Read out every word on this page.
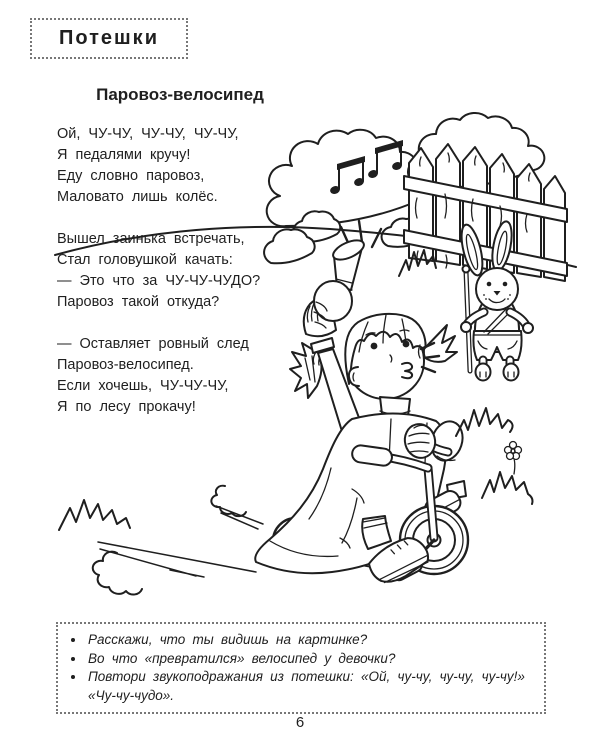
Потешки
Паровоз-велосипед

Ой, ЧУ-ЧУ, ЧУ-ЧУ, ЧУ-ЧУ,

Я педалями кручу!

Еду словно паровоз,

Маловато лишь колёс.

Вышел заинька встречать,

Стал головушкой качать:

— Это что за ЧУ-ЧУ-ЧУДО?

Паровоз такой откуда?

— Оставляет ровный след

Паровоз-велосипед.

Если хочешь, ЧУ-ЧУ-ЧУ,

Я по лесу прокачу!

• Расскажи, что ты видишь на картинке?
• Во что «превратился» велосипед у девочки?
• Повтори звукоподражания из потешки: «Ой, чу-чу, чу-чу, чу-чу!» «Чу-чу-чудо».
6
